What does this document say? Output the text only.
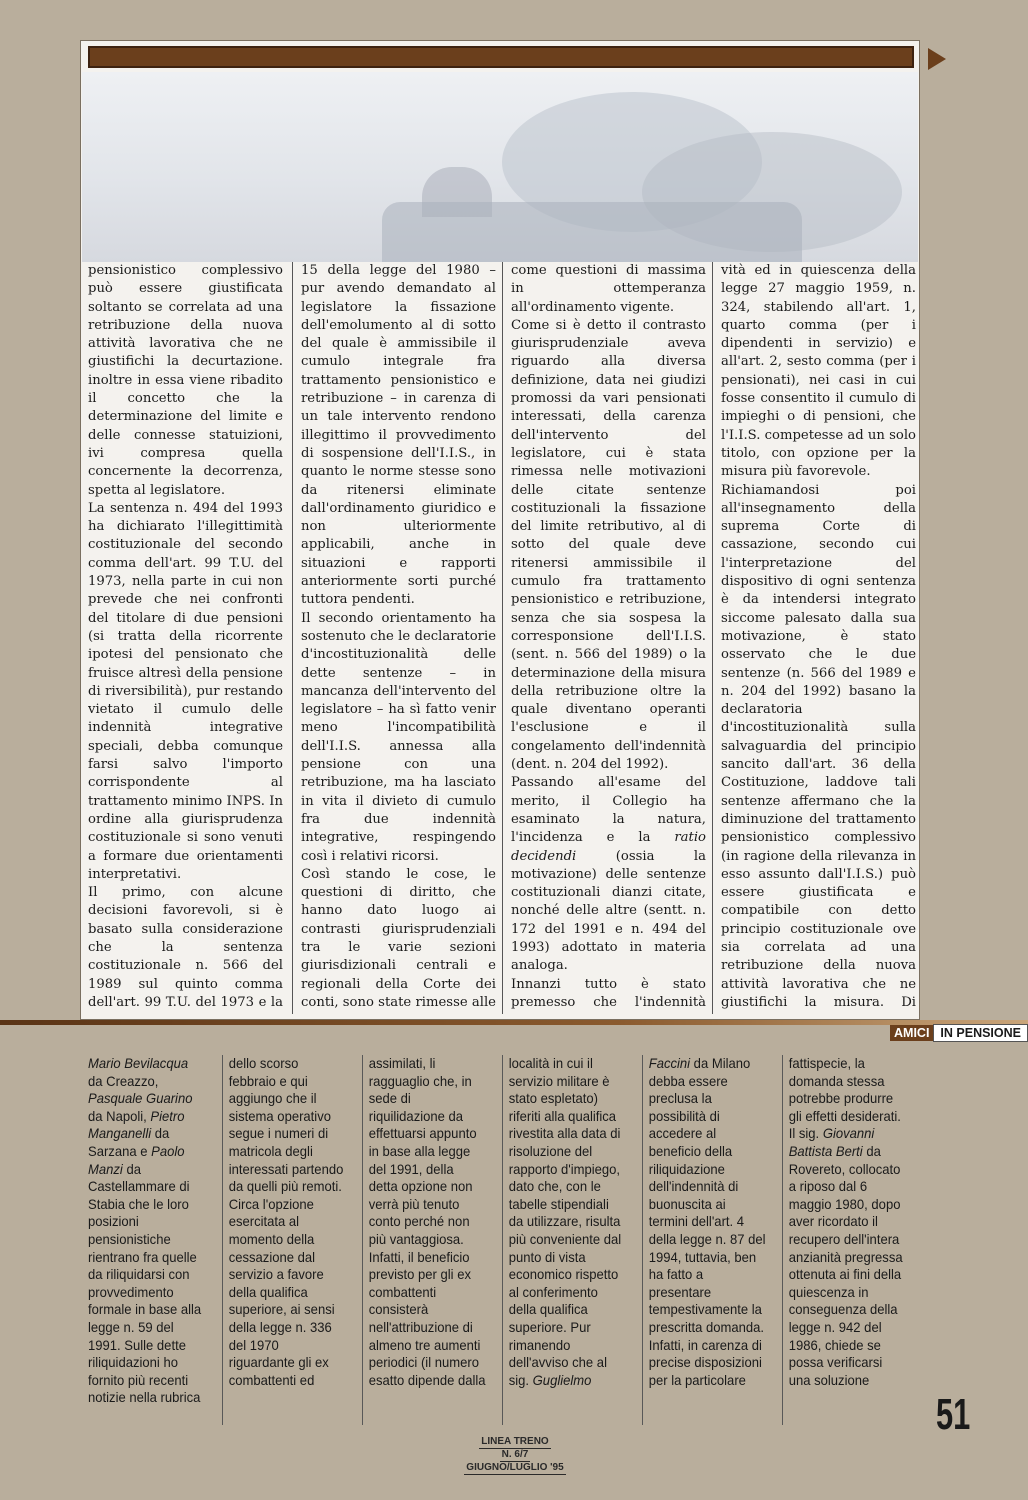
pensionistico complessivo può essere giustificata soltanto se correlata ad una retribuzione della nuova attività lavorativa che ne giustifichi la decurtazione. inoltre in essa viene ribadito il concetto che la determinazione del limite e delle connesse statuizioni, ivi compresa quella concernente la decorrenza, spetta al legislatore.

La sentenza n. 494 del 1993 ha dichiarato l'illegittimità costituzionale del secondo comma dell'art. 99 T.U. del 1973, nella parte in cui non prevede che nei confronti del titolare di due pensioni (si tratta della ricorrente ipotesi del pensionato che fruisce altresì della pensione di riversibilità), pur restando vietato il cumulo delle indennità integrative speciali, debba comunque farsi salvo l'importo corrispondente al trattamento minimo INPS. In ordine alla giurisprudenza costituzionale si sono venuti a formare due orientamenti interpretativi.

Il primo, con alcune decisioni favorevoli, si è basato sulla considerazione che la sentenza costituzionale n. 566 del 1989 sul quinto comma dell'art. 99 T.U. del 1973 e la

15 della legge del 1980 – pur avendo demandato al legislatore la fissazione dell'emolumento al di sotto del quale è ammissibile il cumulo integrale fra trattamento pensionistico e retribuzione – in carenza di un tale intervento rendono illegittimo il provvedimento di sospensione dell'I.I.S., in quanto le norme stesse sono da ritenersi eliminate dall'ordinamento giuridico e non ulteriormente applicabili, anche in situazioni e rapporti anteriormente sorti purché tuttora pendenti.

Il secondo orientamento ha sostenuto che le declaratorie d'incostituzionalità delle dette sentenze – in mancanza dell'intervento del legislatore – ha sì fatto venir meno l'incompatibilità dell'I.I.S. annessa alla pensione con una retribuzione, ma ha lasciato in vita il divieto di cumulo fra due indennità integrative, respingendo così i relativi ricorsi.

Così stando le cose, le questioni di diritto, che hanno dato luogo ai contrasti giurisprudenziali tra le varie sezioni giurisdizionali centrali e regionali della Corte dei conti, sono state rimesse alle

come questioni di massima in ottemperanza all'ordinamento vigente.

Come si è detto il contrasto giurisprudenziale aveva riguardo alla diversa definizione, data nei giudizi promossi da vari pensionati interessati, della carenza dell'intervento del legislatore, cui è stata rimessa nelle motivazioni delle citate sentenze costituzionali la fissazione del limite retributivo, al di sotto del quale deve ritenersi ammissibile il cumulo fra trattamento pensionistico e retribuzione, senza che sia sospesa la corresponsione dell'I.I.S. (sent. n. 566 del 1989) o la determinazione della misura della retribuzione oltre la quale diventano operanti l'esclusione e il congelamento dell'indennità (dent. n. 204 del 1992).

Passando all'esame del merito, il Collegio ha esaminato la natura, l'incidenza e la ratio decidendi (ossia la motivazione) delle sentenze costituzionali dianzi citate, nonché delle altre (sentt. n. 172 del 1991 e n. 494 del 1993) adottato in materia analoga.

Innanzi tutto è stato premesso che l'indennità

vità ed in quiescenza della legge 27 maggio 1959, n. 324, stabilendo all'art. 1, quarto comma (per i dipendenti in servizio) e all'art. 2, sesto comma (per i pensionati), nei casi in cui fosse consentito il cumulo di impieghi o di pensioni, che l'I.I.S. competesse ad un solo titolo, con opzione per la misura più favorevole.

Richiamandosi poi all'insegnamento della suprema Corte di cassazione, secondo cui l'interpretazione del dispositivo di ogni sentenza è da intendersi integrato siccome palesato dalla sua motivazione, è stato osservato che le due sentenze (n. 566 del 1989 e n. 204 del 1992) basano la declaratoria d'incostituzionalità sulla salvaguardia del principio sancito dall'art. 36 della Costituzione, laddove tali sentenze affermano che la diminuzione del trattamento pensionistico complessivo (in ragione della rilevanza in esso assunto dall'I.I.S.) può essere giustificata e compatibile con detto principio costituzionale ove sia correlata ad una retribuzione della nuova attività lavorativa che ne giustifichi la misura. Di

AMICI IN PENSIONE
Mario Bevilacqua da Creazzo, Pasquale Guarino da Napoli, Pietro Manganelli da Sarzana e Paolo Manzi da Castellammare di Stabia che le loro posizioni pensionistiche rientrano fra quelle da riliquidarsi con provvedimento formale in base alla legge n. 59 del 1991. Sulle dette riliquidazioni ho fornito più recenti notizie nella rubrica
dello scorso febbraio e qui aggiungo che il sistema operativo segue i numeri di matricola degli interessati partendo da quelli più remoti. Circa l'opzione esercitata al momento della cessazione dal servizio a favore della qualifica superiore, ai sensi della legge n. 336 del 1970 riguardante gli ex combattenti ed
assimilati, li ragguaglio che, in sede di riquilidazione da effettuarsi appunto in base alla legge del 1991, della detta opzione non verrà più tenuto conto perché non più vantaggiosa. Infatti, il beneficio previsto per gli ex combattenti consisterà nell'attribuzione di almeno tre aumenti periodici (il numero esatto dipende dalla
località in cui il servizio militare è stato espletato) riferiti alla qualifica rivestita alla data di risoluzione del rapporto d'impiego, dato che, con le tabelle stipendiali da utilizzare, risulta più conveniente dal punto di vista economico rispetto al conferimento della qualifica superiore. Pur rimanendo dell'avviso che al sig. Guglielmo
Faccini da Milano debba essere preclusa la possibilità di accedere al beneficio della riliquidazione dell'indennità di buonuscita ai termini dell'art. 4 della legge n. 87 del 1994, tuttavia, ben ha fatto a presentare tempestivamente la prescritta domanda. Infatti, in carenza di precise disposizioni per la particolare
fattispecie, la domanda stessa potrebbe produrre gli effetti desiderati. Il sig. Giovanni Battista Berti da Rovereto, collocato a riposo dal 6 maggio 1980, dopo aver ricordato il recupero dell'intera anzianità pregressa ottenuta ai fini della quiescenza in conseguenza della legge n. 942 del 1986, chiede se possa verificarsi una soluzione
51
LINEA TRENO
N. 6/7
GIUGNO/LUGLIO '95
